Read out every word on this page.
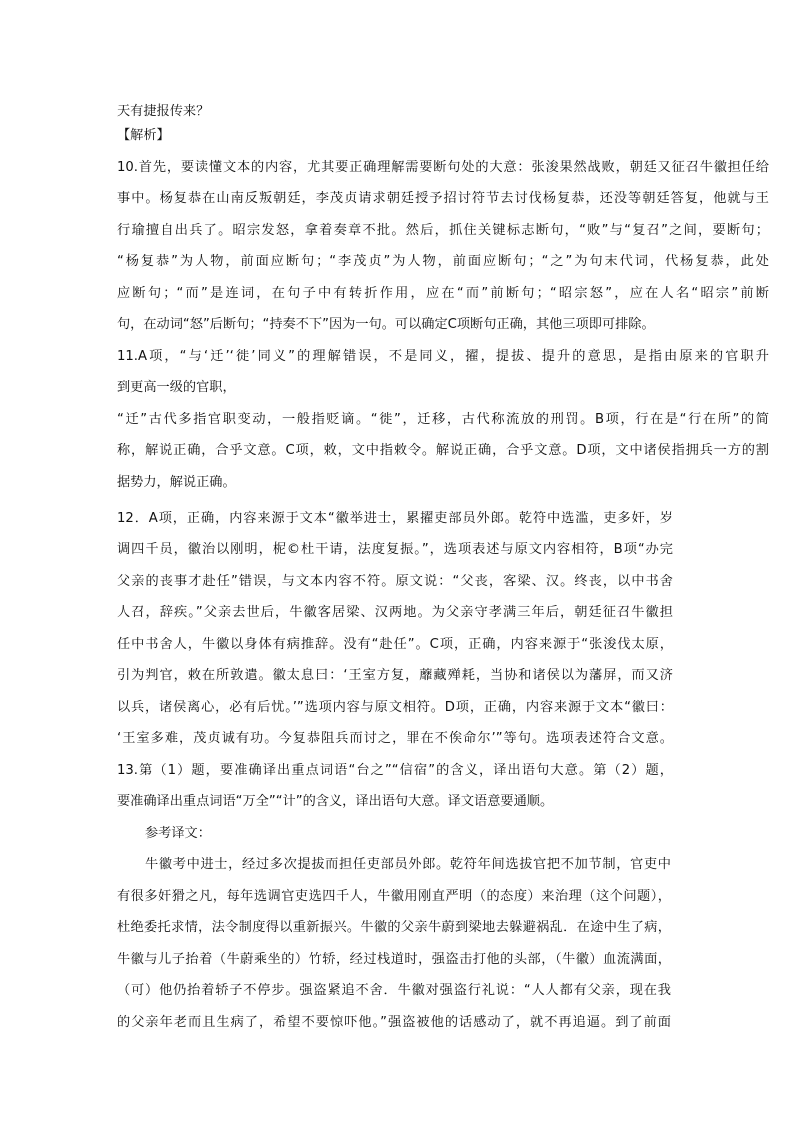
天有捷报传来？
【解析】
10.首先，要读懂文本的内容，尤其要正确理解需要断句处的大意：张浚果然战败，朝廷又征召牛徽担任给
事中。杨复恭在山南反叛朝廷，李茂贞请求朝廷授予招讨符节去讨伐杨复恭，还没等朝廷答复，他就与王
行瑜擅自出兵了。昭宗发怒，拿着奏章不批。然后，抓住关键标志断句，“败”与“复召”之间，要断句；
“杨复恭”为人物，前面应断句；“李茂贞”为人物，前面应断句；“之”为句末代词，代杨复恭，此处
应断句；“而”是连词，在句子中有转折作用，应在“而”前断句；“昭宗怒”，应在人名“昭宗”前断
句，在动词“怒”后断句；“持奏不下”因为一句。可以确定C项断句正确，其他三项即可排除。
11.A项，“与‘迁’‘徙’同义”的理解错误，不是同义，擢，提拔、提升的意思，是指由原来的官职升
到更高一级的官职，
“迁”古代多指官职变动，一般指贬谪。“徙”，迁移，古代称流放的刑罚。B项，行在是“行在所”的简
称，解说正确，合乎文意。C项，敕，文中指敕令。解说正确，合乎文意。D项，文中诸侯指拥兵一方的割
据势力，解说正确。
12．A项，正确，内容来源于文本“徽举进士，累擢吏部员外郎。乾符中选滥，吏多奸，岁
调四千员，徽治以刚明，柅©杜干请，法度复振。”，选项表述与原文内容相符，B项“办完
父亲的丧事才赴任”错误，与文本内容不符。原文说：“父丧，客梁、汉。终丧，以中书舍
人召，辞疾。”父亲去世后，牛徽客居梁、汉两地。为父亲守孝满三年后，朝廷征召牛徽担
任中书舍人，牛徽以身体有病推辞。没有“赴任”。C项，正确，内容来源于“张浚伐太原，
引为判官，敕在所敦遣。徽太息曰：‘王室方复，蘼藏殚耗，当协和诸侯以为藩屏，而又济
以兵，诸侯离心，必有后忧。’”选项内容与原文相符。D项，正确，内容来源于文本“徽曰：
‘王室多难，茂贞诚有功。今复恭阻兵而讨之，罪在不俟命尔’”等句。选项表述符合文意。
13.第（1）题，要准确译出重点词语“台之”“信宿”的含义，译出语句大意。第（2）题，
要准确译出重点词语“万全”“计”的含义，译出语句大意。译文语意要通顺。
参考译文：
牛徽考中进士，经过多次提拔而担任吏部员外郎。乾符年间选拔官把不加节制，官吏中
有很多奸猾之凡，每年选调官吏选四千人，牛徽用刚直严明（的态度）来治理（这个问题），
杜绝委托求情，法令制度得以重新振兴。牛徽的父亲牛蔚到梁地去躲避祸乱．在途中生了病，
牛徽与儿子抬着（牛蔚乘坐的）竹轿，经过栈道时，强盗击打他的头部，（牛徽）血流满面，
（可）他仍抬着轿子不停步。强盗紧追不舍．牛徽对强盗行礼说：“人人都有父亲，现在我
的父亲年老而且生病了，希望不要惊吓他。”强盗被他的话感动了，就不再追逼。到了前面
